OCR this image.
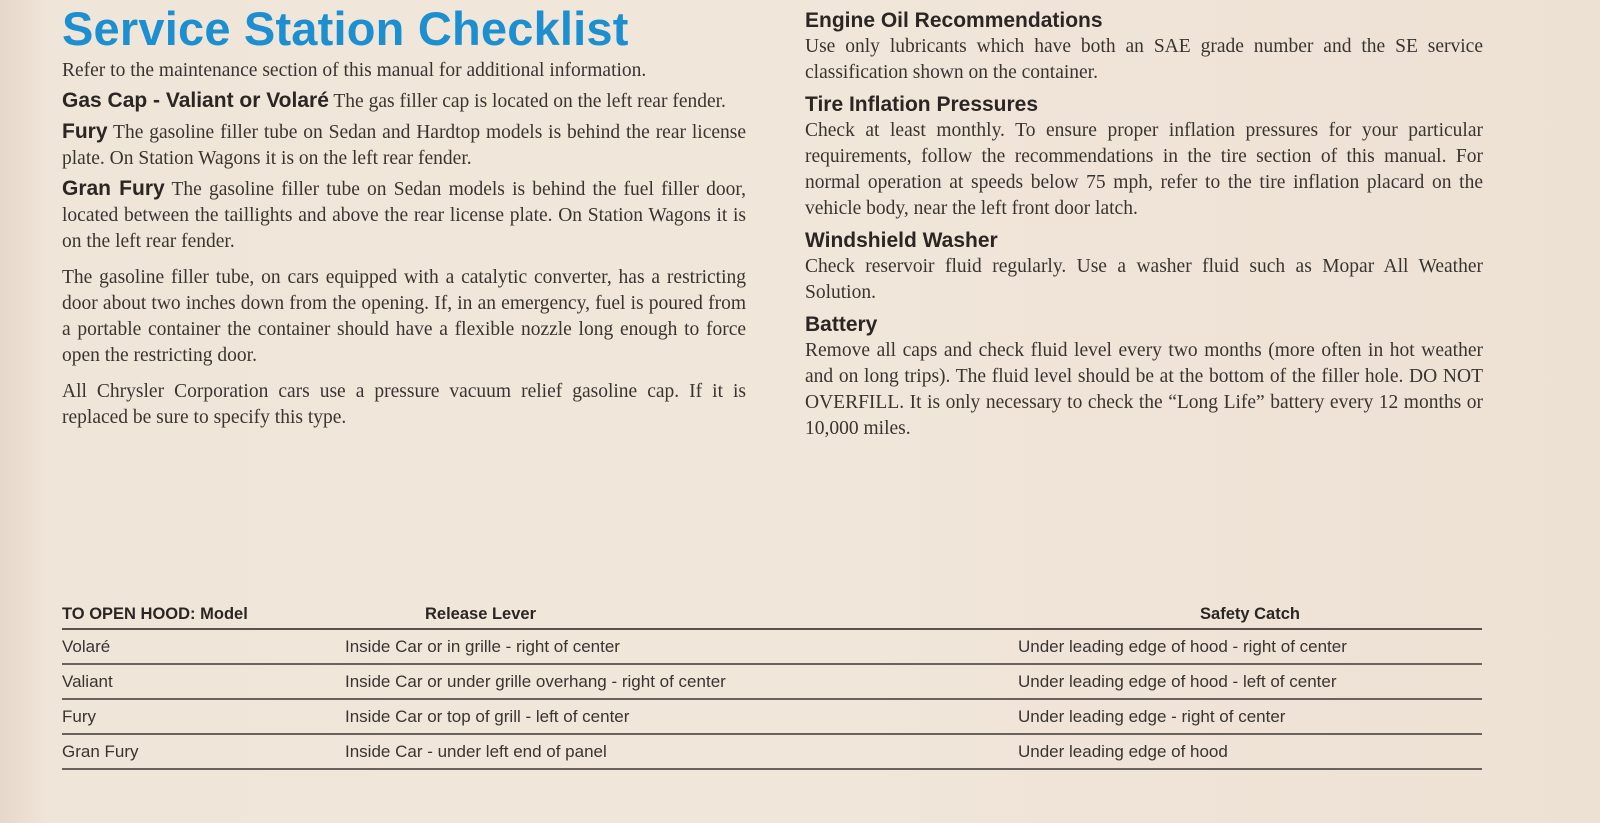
Service Station Checklist

Refer to the maintenance section of this manual for additional information.

Gas Cap - Valiant or Volaré The gas filler cap is located on the left rear fender.

Fury The gasoline filler tube on Sedan and Hardtop models is behind the rear license plate. On Station Wagons it is on the left rear fender.

Gran Fury The gasoline filler tube on Sedan models is behind the fuel filler door, located between the taillights and above the rear license plate. On Station Wagons it is on the left rear fender.

The gasoline filler tube, on cars equipped with a catalytic converter, has a restricting door about two inches down from the opening. If, in an emergency, fuel is poured from a portable container the container should have a flexible nozzle long enough to force open the restricting door.

All Chrysler Corporation cars use a pressure vacuum relief gasoline cap. If it is replaced be sure to specify this type.

Engine Oil Recommendations

Use only lubricants which have both an SAE grade number and the SE service classification shown on the container.

Tire Inflation Pressures

Check at least monthly. To ensure proper inflation pressures for your particular requirements, follow the recommendations in the tire section of this manual. For normal operation at speeds below 75 mph, refer to the tire inflation placard on the vehicle body, near the left front door latch.

Windshield Washer

Check reservoir fluid regularly. Use a washer fluid such as Mopar All Weather Solution.

Battery

Remove all caps and check fluid level every two months (more often in hot weather and on long trips). The fluid level should be at the bottom of the filler hole. DO NOT OVERFILL. It is only necessary to check the “Long Life” battery every 12 months or 10,000 miles.

TO OPEN HOOD: Model	Release Lever	Safety Catch
Volaré	Inside Car or in grille - right of center	Under leading edge of hood - right of center
Valiant	Inside Car or under grille overhang - right of center	Under leading edge of hood - left of center
Fury	Inside Car or top of grill - left of center	Under leading edge - right of center
Gran Fury	Inside Car - under left end of panel	Under leading edge of hood
